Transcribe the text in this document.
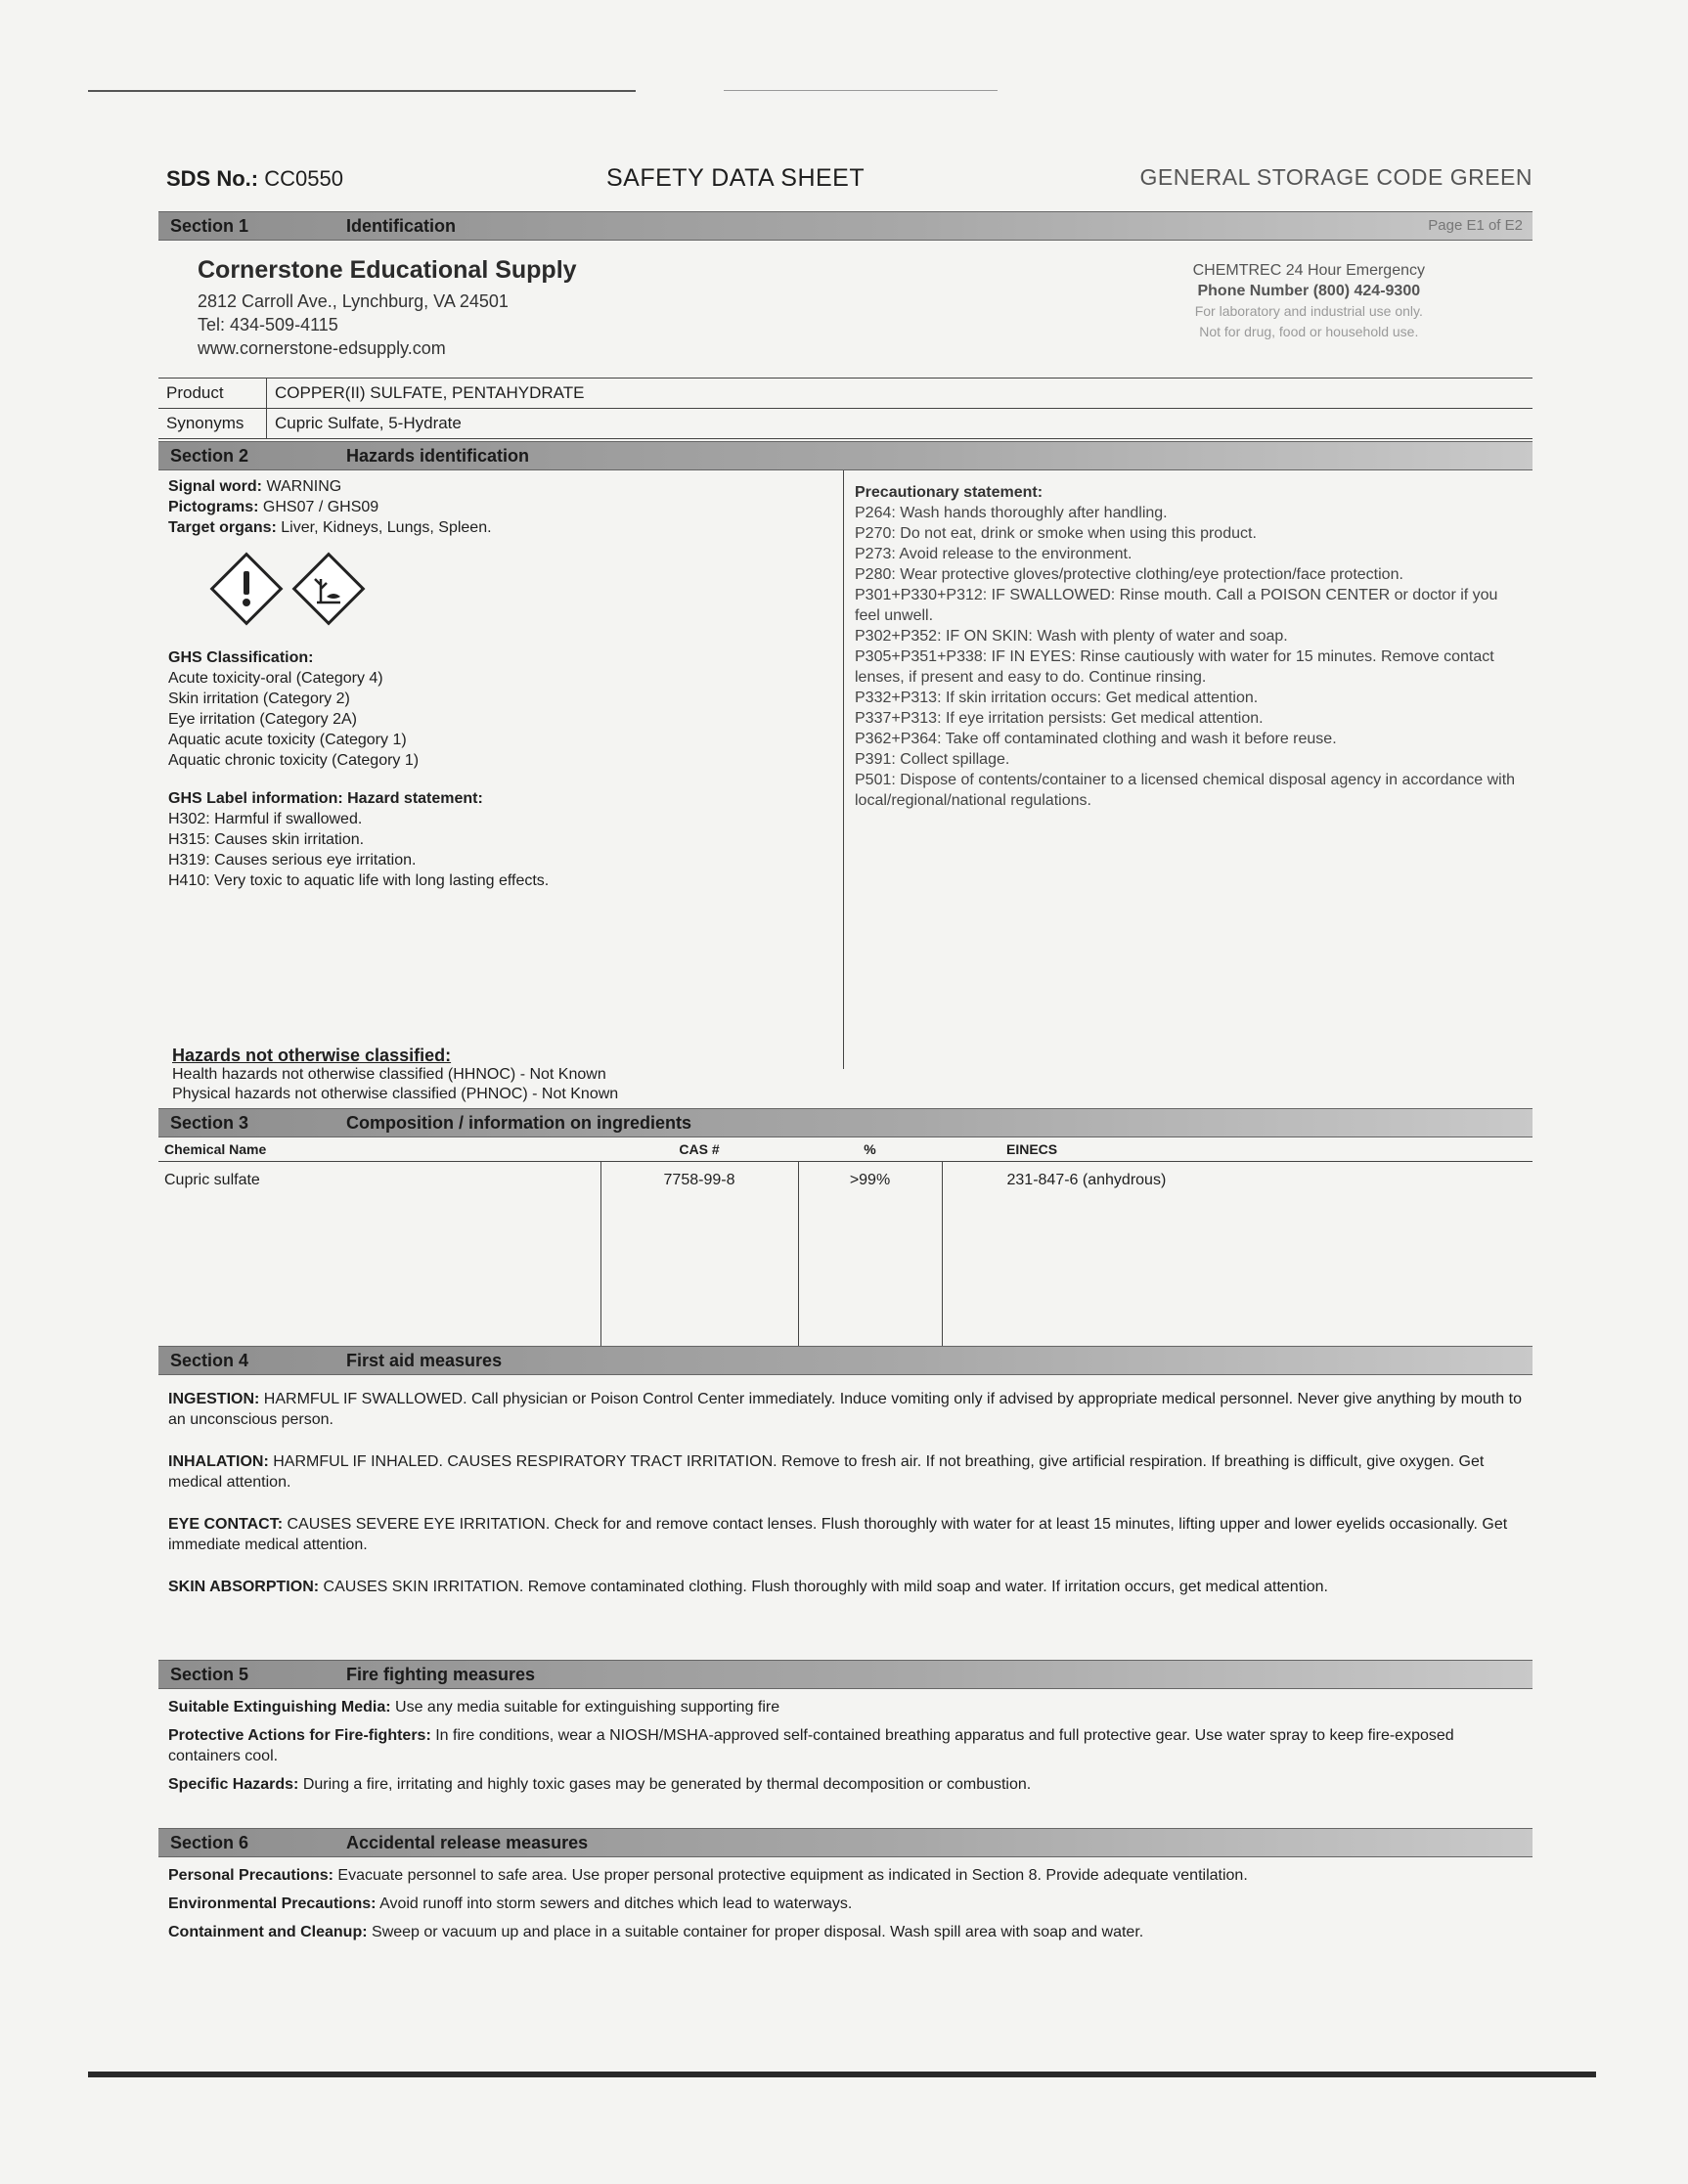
SDS No.: CC0550	SAFETY DATA SHEET	GENERAL STORAGE CODE GREEN
Section 1	Identification	Page E1 of E2
Cornerstone Educational Supply
2812 Carroll Ave., Lynchburg, VA 24501
Tel: 434-509-4115
www.cornerstone-edsupply.com
CHEMTREC 24 Hour Emergency
Phone Number (800) 424-9300
For laboratory and industrial use only.
Not for drug, food or household use.
Product	COPPER(II) SULFATE, PENTAHYDRATE
Synonyms	Cupric Sulfate, 5-Hydrate
Section 2	Hazards identification
Signal word: WARNING
Pictograms: GHS07 / GHS09
Target organs: Liver, Kidneys, Lungs, Spleen.

GHS Classification:
Acute toxicity-oral (Category 4)
Skin irritation (Category 2)
Eye irritation (Category 2A)
Aquatic acute toxicity (Category 1)
Aquatic chronic toxicity (Category 1)
GHS Label information: Hazard statement:
H302: Harmful if swallowed.
H315: Causes skin irritation.
H319: Causes serious eye irritation.
H410: Very toxic to aquatic life with long lasting effects.
Precautionary statement:
P264: Wash hands thoroughly after handling.
P270: Do not eat, drink or smoke when using this product.
P273: Avoid release to the environment.
P280: Wear protective gloves/protective clothing/eye protection/face protection.
P301+P330+P312: IF SWALLOWED: Rinse mouth. Call a POISON CENTER or doctor if you feel unwell.
P302+P352: IF ON SKIN: Wash with plenty of water and soap.
P305+P351+P338: IF IN EYES: Rinse cautiously with water for 15 minutes. Remove contact lenses, if present and easy to do. Continue rinsing.
P332+P313: If skin irritation occurs: Get medical attention.
P337+P313: If eye irritation persists: Get medical attention.
P362+P364: Take off contaminated clothing and wash it before reuse.
P391: Collect spillage.
P501: Dispose of contents/container to a licensed chemical disposal agency in accordance with local/regional/national regulations.
Hazards not otherwise classified:
Health hazards not otherwise classified (HHNOC) - Not Known
Physical hazards not otherwise classified (PHNOC) - Not Known
Section 3	Composition / information on ingredients
Chemical Name	CAS #	%	EINECS
Cupric sulfate	7758-99-8	>99%	231-847-6 (anhydrous)
Section 4	First aid measures

INGESTION: HARMFUL IF SWALLOWED. Call physician or Poison Control Center immediately. Induce vomiting only if advised by appropriate medical personnel. Never give anything by mouth to an unconscious person.

INHALATION: HARMFUL IF INHALED. CAUSES RESPIRATORY TRACT IRRITATION. Remove to fresh air. If not breathing, give artificial respiration. If breathing is difficult, give oxygen. Get medical attention.

EYE CONTACT: CAUSES SEVERE EYE IRRITATION. Check for and remove contact lenses. Flush thoroughly with water for at least 15 minutes, lifting upper and lower eyelids occasionally. Get immediate medical attention.

SKIN ABSORPTION: CAUSES SKIN IRRITATION. Remove contaminated clothing. Flush thoroughly with mild soap and water. If irritation occurs, get medical attention.

Section 5	Fire fighting measures

Suitable Extinguishing Media: Use any media suitable for extinguishing supporting fire

Protective Actions for Fire-fighters: In fire conditions, wear a NIOSH/MSHA-approved self-contained breathing apparatus and full protective gear. Use water spray to keep fire-exposed containers cool.

Specific Hazards: During a fire, irritating and highly toxic gases may be generated by thermal decomposition or combustion.

Section 6	Accidental release measures

Personal Precautions: Evacuate personnel to safe area. Use proper personal protective equipment as indicated in Section 8. Provide adequate ventilation.

Environmental Precautions: Avoid runoff into storm sewers and ditches which lead to waterways.

Containment and Cleanup: Sweep or vacuum up and place in a suitable container for proper disposal. Wash spill area with soap and water.
